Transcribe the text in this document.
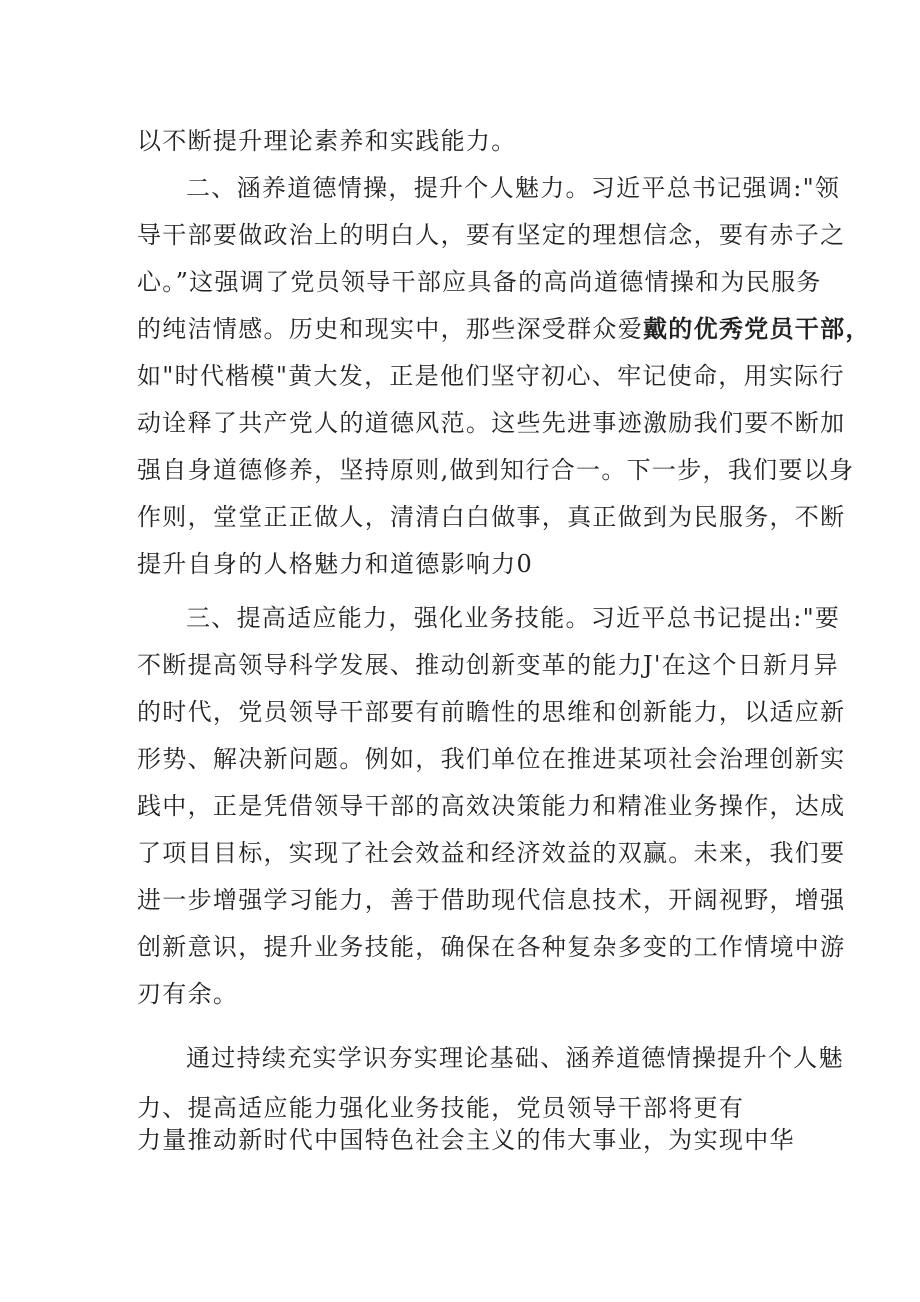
以不断提升理论素养和实践能力。
二、涵养道德情操，提升个人魅力。习近平总书记强调:"领
导干部要做政治上的明白人，要有坚定的理想信念，要有赤子之
心。”这强调了党员领导干部应具备的高尚道德情操和为民服务
的纯洁情感。历史和现实中，那些深受群众爱戴的优秀党员干部，
如"时代楷模"黄大发，正是他们坚守初心、牢记使命，用实际行
动诠释了共产党人的道德风范。这些先进事迹激励我们要不断加
强自身道德修养，坚持原则,做到知行合一。下一步，我们要以身
作则，堂堂正正做人，清清白白做事，真正做到为民服务，不断
提升自身的人格魅力和道德影响力0
三、提高适应能力，强化业务技能。习近平总书记提出:"要
不断提高领导科学发展、推动创新变革的能力J'在这个日新月异
的时代，党员领导干部要有前瞻性的思维和创新能力，以适应新
形势、解决新问题。例如，我们单位在推进某项社会治理创新实
践中，正是凭借领导干部的高效决策能力和精准业务操作，达成
了项目目标，实现了社会效益和经济效益的双赢。未来，我们要
进一步增强学习能力，善于借助现代信息技术，开阔视野，增强
创新意识，提升业务技能，确保在各种复杂多变的工作情境中游
刃有余。
通过持续充实学识夯实理论基础、涵养道德情操提升个人魅
力、提高适应能力强化业务技能，党员领导干部将更有
力量推动新时代中国特色社会主义的伟大事业，为实现中华
